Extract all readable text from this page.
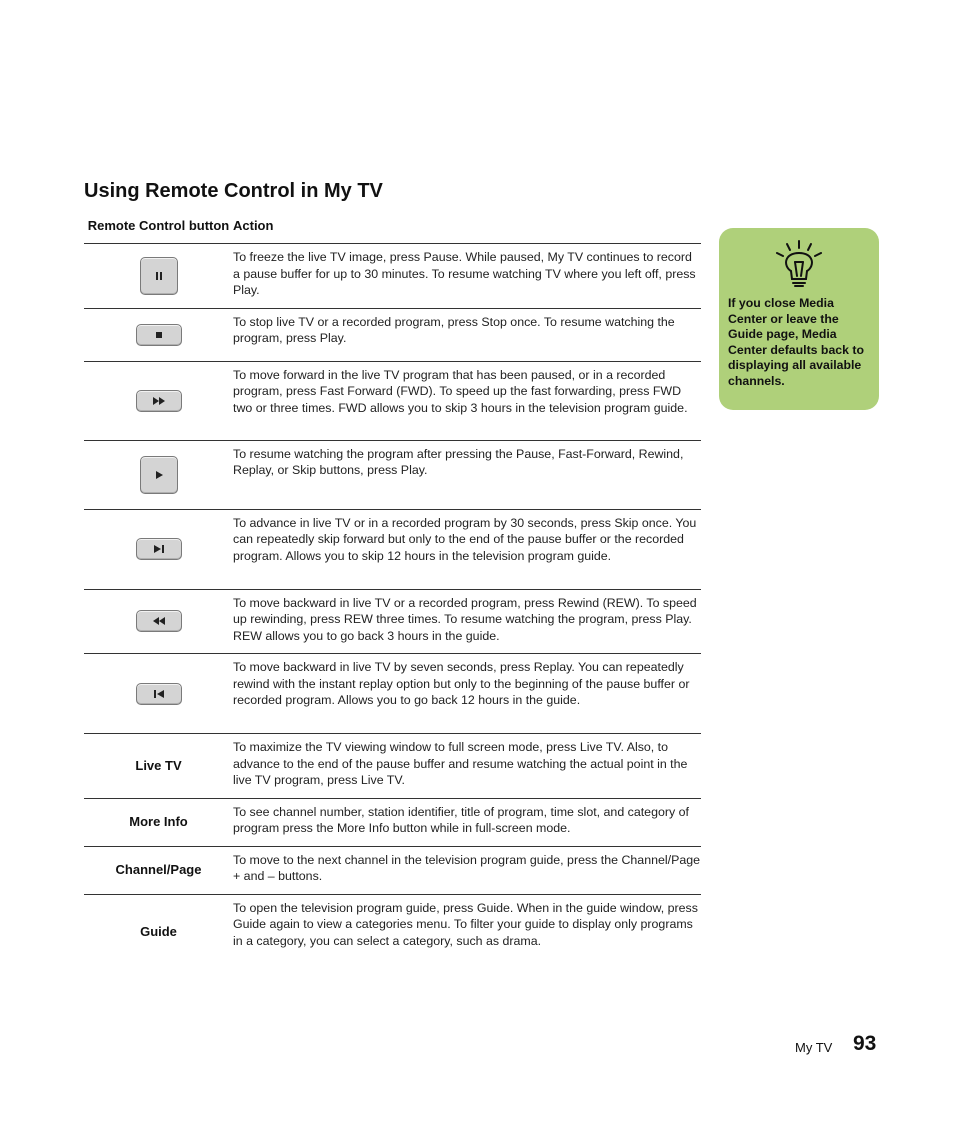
Using Remote Control in My TV
Remote Control button	Action

	To freeze the live TV image, press Pause. While paused, My TV continues to record a pause buffer for up to 30 minutes. To resume watching TV where you left off, press Play.

	To stop live TV or a recorded program, press Stop once. To resume watching the program, press Play.

	To move forward in the live TV program that has been paused, or in a recorded program, press Fast Forward (FWD). To speed up the fast forwarding, press FWD two or three times. FWD allows you to skip 3 hours in the television program guide.

	To resume watching the program after pressing the Pause, Fast-Forward, Rewind, Replay, or Skip buttons, press Play.

	To advance in live TV or in a recorded program by 30 seconds, press Skip once. You can repeatedly skip forward but only to the end of the pause buffer or the recorded program. Allows you to skip 12 hours in the television program guide.

	To move backward in live TV or a recorded program, press Rewind (REW). To speed up rewinding, press REW three times. To resume watching the program, press Play. REW allows you to go back 3 hours in the guide.

	To move backward in live TV by seven seconds, press Replay. You can repeatedly rewind with the instant replay option but only to the beginning of the pause buffer or recorded program. Allows you to go back 12 hours in the guide.
Live TV	To maximize the TV viewing window to full screen mode, press Live TV. Also, to advance to the end of the pause buffer and resume watching the actual point in the live TV program, press Live TV.
More Info	To see channel number, station identifier, title of program, time slot, and category of program press the More Info button while in full-screen mode.
Channel/Page	To move to the next channel in the television program guide, press the Channel/Page + and – buttons.
Guide	To open the television program guide, press Guide. When in the guide window, press Guide again to view a categories menu. To filter your guide to display only programs in a category, you can select a category, such as drama.
If you close Media Center or leave the Guide page, Media Center defaults back to displaying all available channels.
My TV 93
